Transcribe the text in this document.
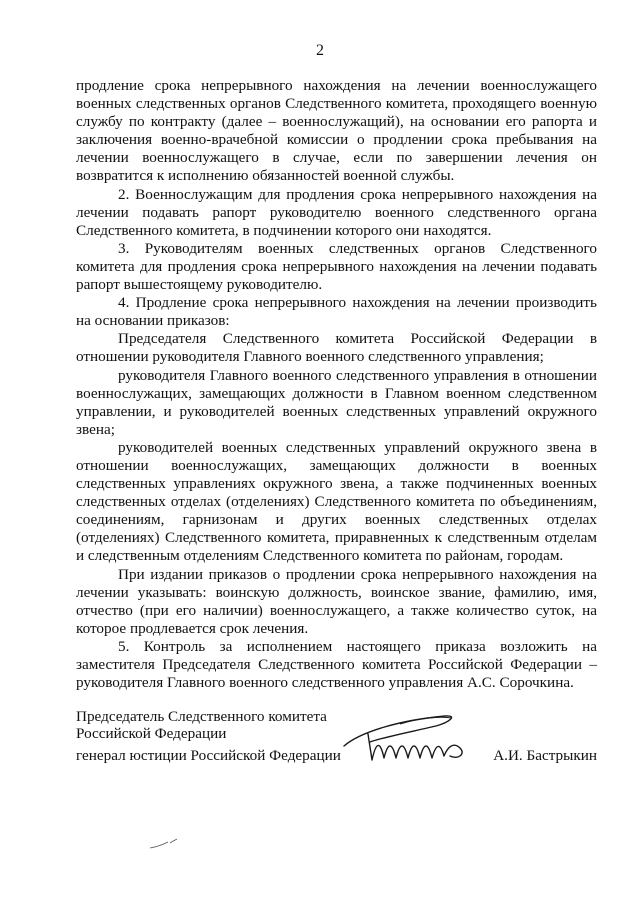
2

продление срока непрерывного нахождения на лечении военнослужащего военных следственных органов Следственного комитета, проходящего военную службу по контракту (далее – военнослужащий), на основании его рапорта и заключения военно-врачебной комиссии о продлении срока пребывания на лечении военнослужащего в случае, если по завершении лечения он возвратится к исполнению обязанностей военной службы.

2. Военнослужащим для продления срока непрерывного нахождения на лечении подавать рапорт руководителю военного следственного органа Следственного комитета, в подчинении которого они находятся.

3. Руководителям военных следственных органов Следственного комитета для продления срока непрерывного нахождения на лечении подавать рапорт вышестоящему руководителю.

4. Продление срока непрерывного нахождения на лечении производить на основании приказов:

Председателя Следственного комитета Российской Федерации в отношении руководителя Главного военного следственного управления;

руководителя Главного военного следственного управления в отношении военнослужащих, замещающих должности в Главном военном следственном управлении, и руководителей военных следственных управлений окружного звена;

руководителей военных следственных управлений окружного звена в отношении военнослужащих, замещающих должности в военных следственных управлениях окружного звена, а также подчиненных военных следственных отделах (отделениях) Следственного комитета по объединениям, соединениям, гарнизонам и других военных следственных отделах (отделениях) Следственного комитета, приравненных к следственным отделам и следственным отделениям Следственного комитета по районам, городам.

При издании приказов о продлении срока непрерывного нахождения на лечении указывать: воинскую должность, воинское звание, фамилию, имя, отчество (при его наличии) военнослужащего, а также количество суток, на которое продлевается срок лечения.

5. Контроль за исполнением настоящего приказа возложить на заместителя Председателя Следственного комитета Российской Федерации – руководителя Главного военного следственного управления А.С. Сорочкина.

Председатель Следственного комитета
Российской Федерации
генерал юстиции Российской Федерации	А.И. Бастрыкин
